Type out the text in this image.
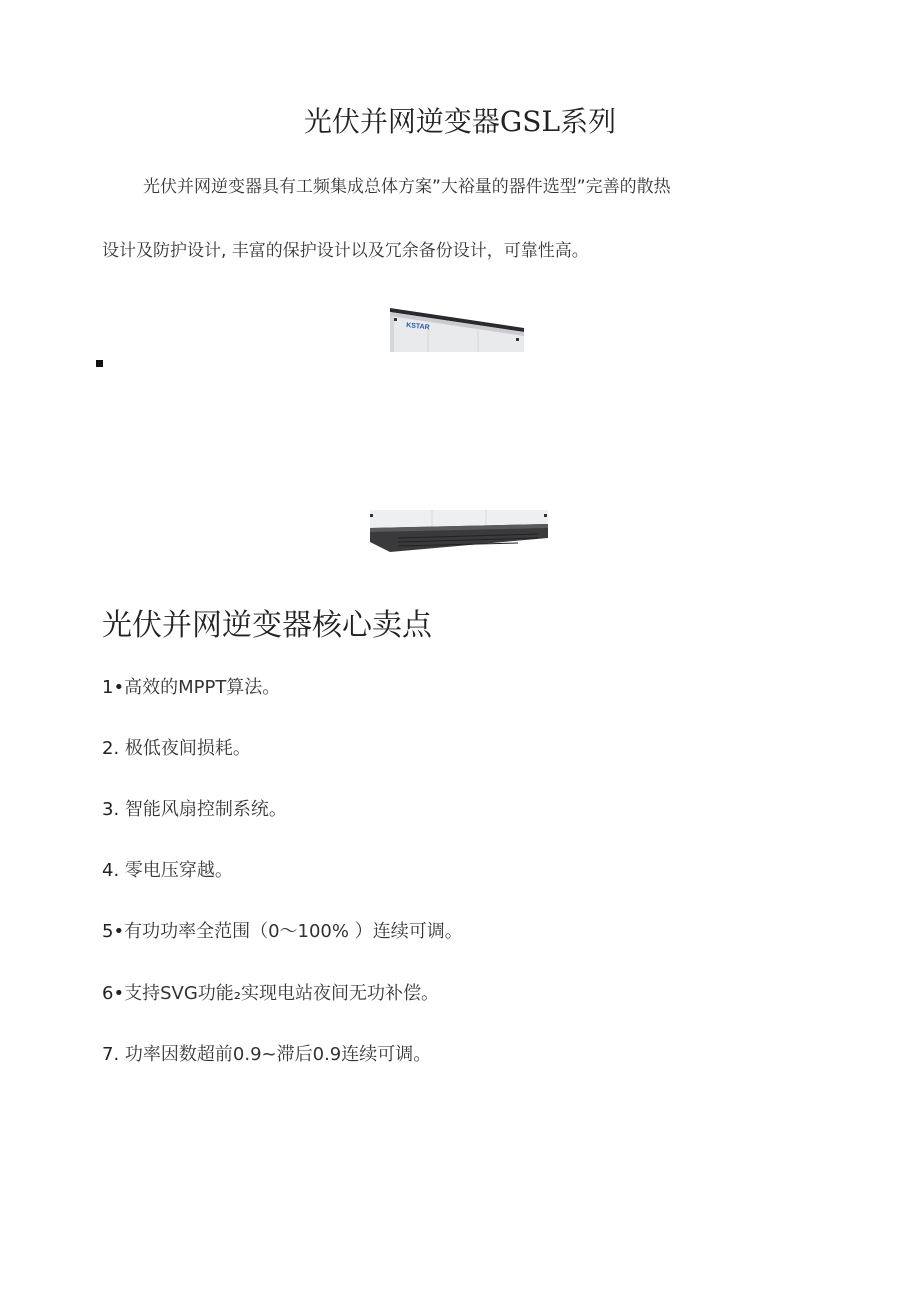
光伏并网逆变器GSL系列
光伏并网逆变器具有工频集成总体方案”大裕量的器件选型”完善的散热
设计及防护设计, 丰富的保护设计以及冗余备份设计，可靠性高。
KSTAR
光伏并网逆变器核心卖点
1•高效的MPPT算法。
2. 极低夜间损耗。
3. 智能风扇控制系统。
4. 零电压穿越。
5•有功功率全范围（0～100% ）连续可调。
6•支持SVG功能₂实现电站夜间无功补偿。
7. 功率因数超前0.9~滞后0.9连续可调。
